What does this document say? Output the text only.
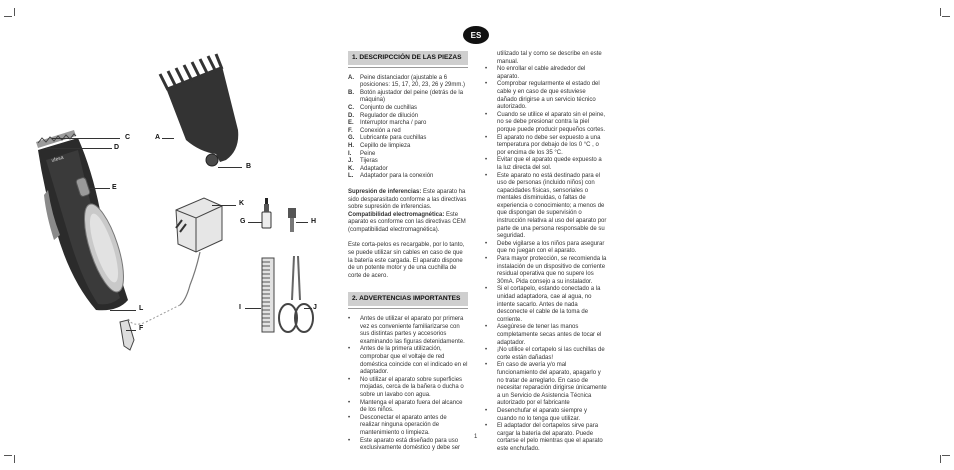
ufesa
C
D
A
E
B
K
G	H
L
F
I	J
ES
1. DESCRIPCCIÓN DE LAS PIEZAS
A.	Peine distanciador (ajustable a 6 posiciones: 15, 17, 20, 23, 26 y 29mm.)
B.	Botón ajustador del peine (detrás de la máquina)
C.	Conjunto de cuchillas
D.	Regulador de dilución
E.	Interruptor marcha / paro
F.	Conexión a red
G. Lubricante para cuchillas
H.	Cepillo de limpieza
I.	Peine
J.	Tijeras
K.	Adaptador
L.	Adaptador para la conexión

Supresión de inferencias: Este aparato ha sido desparasitado conforme a las directivas sobre supresión de inferencias. Compatibilidad electromagnética: Este aparato es conforme con las directivas CEM (compatibilidad electromagnética).

Este corta-pelos es recargable, por lo tanto, se puede utilizar sin cables en caso de que la batería este cargada. El aparato dispone de un potente motor y de una cuchilla de corte de acero.

2. ADVERTENCIAS IMPORTANTES
• Antes de utilizar el aparato por primera vez es conveniente familiarizarse con sus distintas partes y accesorios examinando las figuras detenidamente.
• Antes de la primera utilización, comprobar que el voltaje de red doméstica coincide con el indicado en el adaptador.
• No utilizar el aparato sobre superficies mojadas, cerca de la bañera o ducha o sobre un lavabo con agua.
• Mantenga el aparato fuera del alcance de los niños.
• Desconectar el aparato antes de realizar ninguna operación de mantenimiento o limpieza.
• Este aparato está diseñado para uso exclusivamente doméstico y debe ser

utilizado tal y como se describe en este manual.

• No enrollar el cable alrededor del aparato.
• Comprobar regularmente el estado del cable y en caso de que estuviese dañado dirigirse a un servicio técnico autorizado.
• Cuando se utilice el aparato sin el peine, no se debe presionar contra la piel porque puede producir pequeños cortes.
• El aparato no debe ser expuesto a una temperatura por debajo de los 0 °C , o por encima de los 35 °C.
• Evitar que el aparato quede expuesto a la luz directa del sol.
• Este aparato no está destinado para el uso de personas (incluido niños) con capacidades físicas, sensoriales o mentales disminuidas, o faltas de experiencia o conocimiento; a menos de que dispongan de supervisión o instrucción relativa al uso del aparato por parte de una persona responsable de su seguridad.
• Debe vigilarse a los niños para asegurar que no juegan con el aparato.
• Para mayor protección, se recomienda la instalación de un dispositivo de corriente residual operativa que no supere los 30mA. Pida consejo a su instalador.
• Si el cortapelo, estando conectado a la unidad adaptadora, cae al agua, no intente sacarlo. Antes de nada desconecte el cable de la toma de corriente.
• Asegúrese de tener las manos completamente secas antes de tocar el adaptador.
• ¡No utilice el cortapelo si las cuchillas de corte están dañadas!
• En caso de avería y/o mal funcionamiento del aparato, apagarlo y no tratar de arreglarlo. En caso de necesitar reparación dirigirse únicamente a un Servicio de Asistencia Técnica autorizado por el fabricante
• Desenchufar el aparato siempre y cuando no lo tenga que utilizar.
• El adaptador del cortapelos sirve para cargar la batería del aparato. Puede cortarse el pelo mientras que el aparato este enchufado.
1
